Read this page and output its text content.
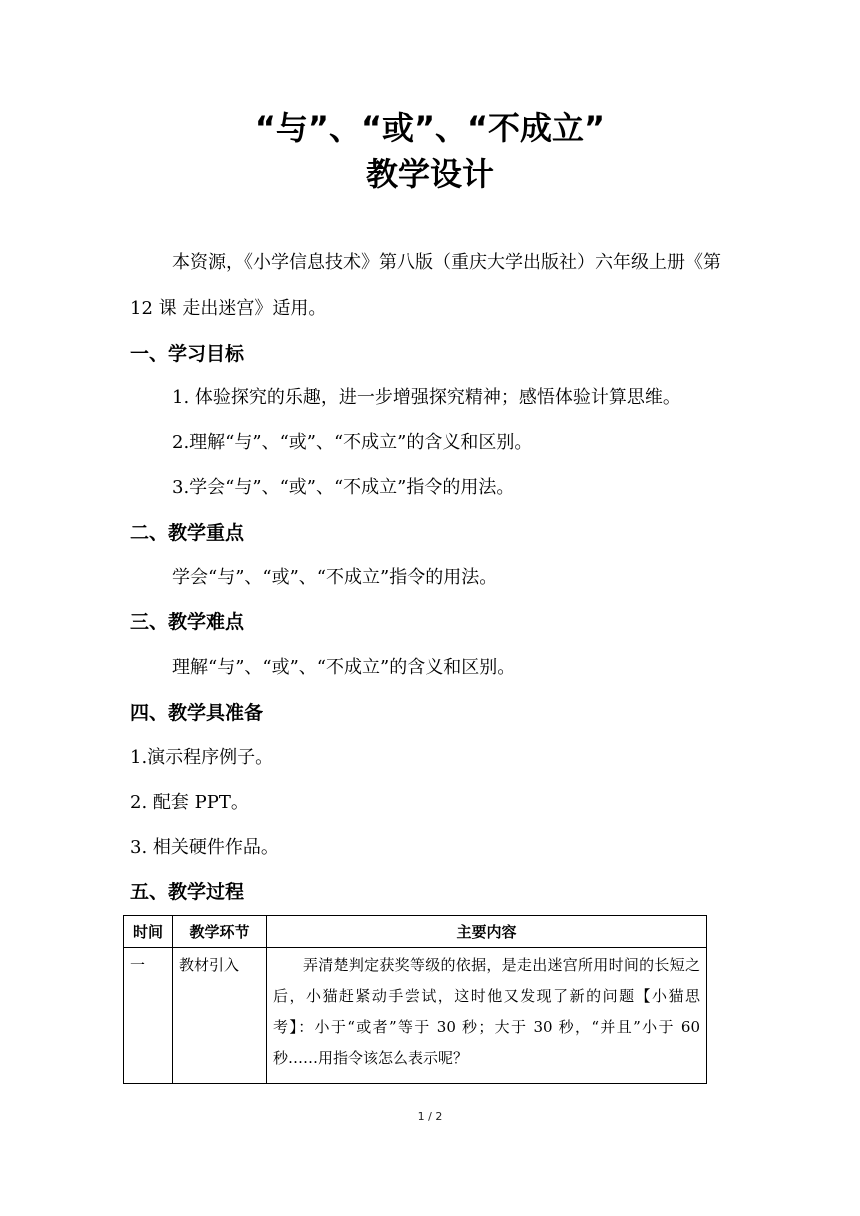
“与”、“或”、“不成立”
教学设计
本资源，《小学信息技术》第八版（重庆大学出版社）六年级上册《第 12 课 走出迷宫》适用。
一、学习目标
1. 体验探究的乐趣，进一步增强探究精神；感悟体验计算思维。
2.理解“与”、“或”、“不成立”的含义和区别。
3.学会“与”、“或”、“不成立”指令的用法。
二、教学重点
学会“与”、“或”、“不成立”指令的用法。
三、教学难点
理解“与”、“或”、“不成立”的含义和区别。
四、教学具准备
1.演示程序例子。
2. 配套 PPT。
3. 相关硬件作品。
五、教学过程
时间	教学环节	主要内容
一	教材引入	弄清楚判定获奖等级的依据，是走出迷宫所用时间的长短之后，小猫赶紧动手尝试，这时他又发现了新的问题【小猫思考】：小于“或者”等于 30 秒；大于 30 秒，“并且”小于 60 秒……用指令该怎么表示呢？
1 / 2
